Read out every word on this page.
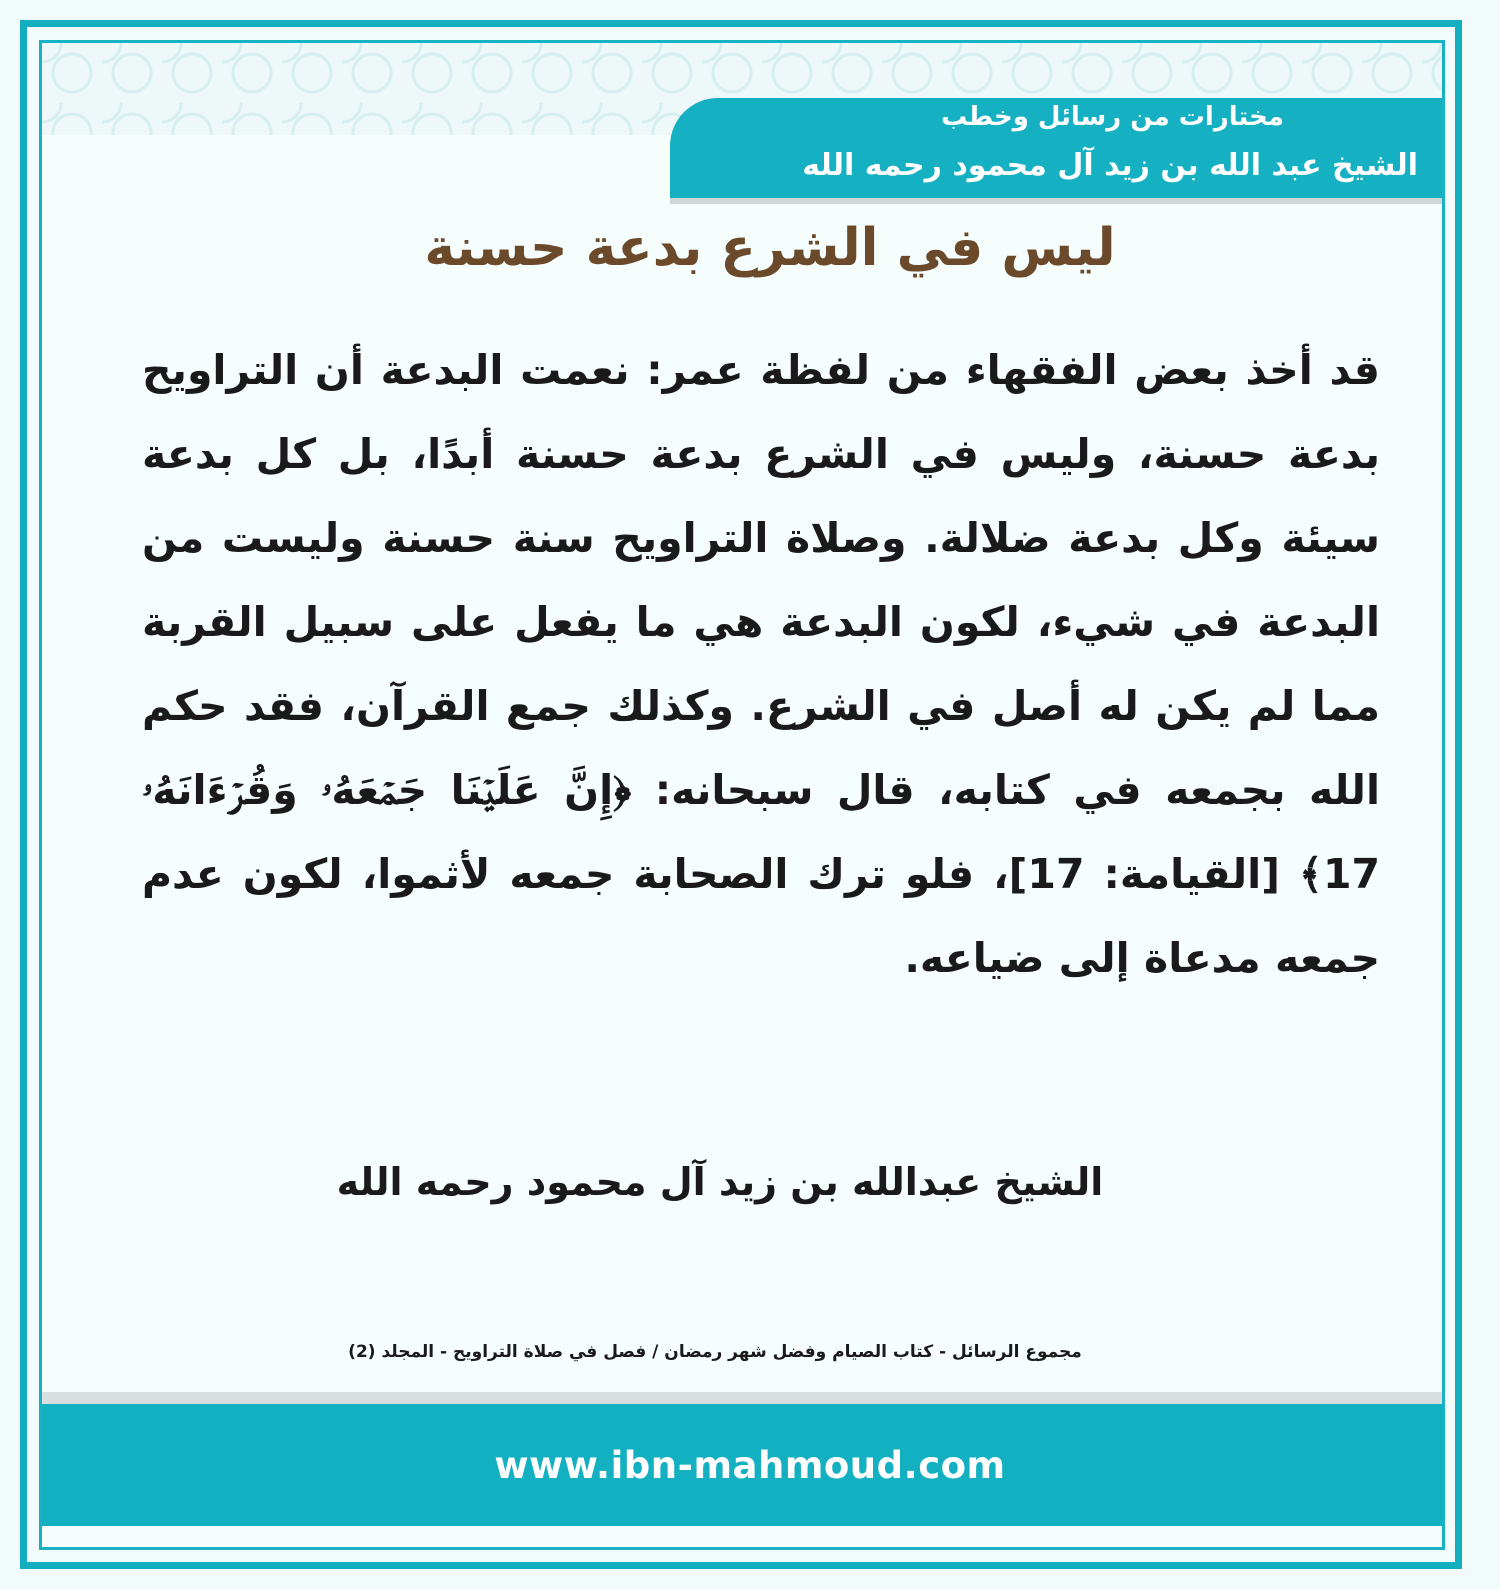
مختارات من رسائل وخطب
الشيخ عبد الله بن زيد آل محمود رحمه الله
ليس في الشرع بدعة حسنة
قد أخذ بعض الفقهاء من لفظة عمر: نعمت البدعة أن التراويح بدعة حسنة، وليس في الشرع بدعة حسنة أبدًا، بل كل بدعة سيئة وكل بدعة ضلالة. وصلاة التراويح سنة حسنة وليست من البدعة في شيء، لكون البدعة هي ما يفعل على سبيل القربة مما لم يكن له أصل في الشرع. وكذلك جمع القرآن، فقد حكم الله بجمعه في كتابه، قال سبحانه: ﴿إِنَّ عَلَيۡنَا جَمۡعَهُۥ وَقُرۡءَانَهُۥ 17﴾ [القيامة: 17]، فلو ترك الصحابة جمعه لأثموا، لكون عدم جمعه مدعاة إلى ضياعه.
الشيخ عبدالله بن زيد آل محمود رحمه الله
مجموع الرسائل - كتاب الصيام وفضل شهر رمضان / فصل في صلاة التراويح - المجلد (2)
www.ibn-mahmoud.com
